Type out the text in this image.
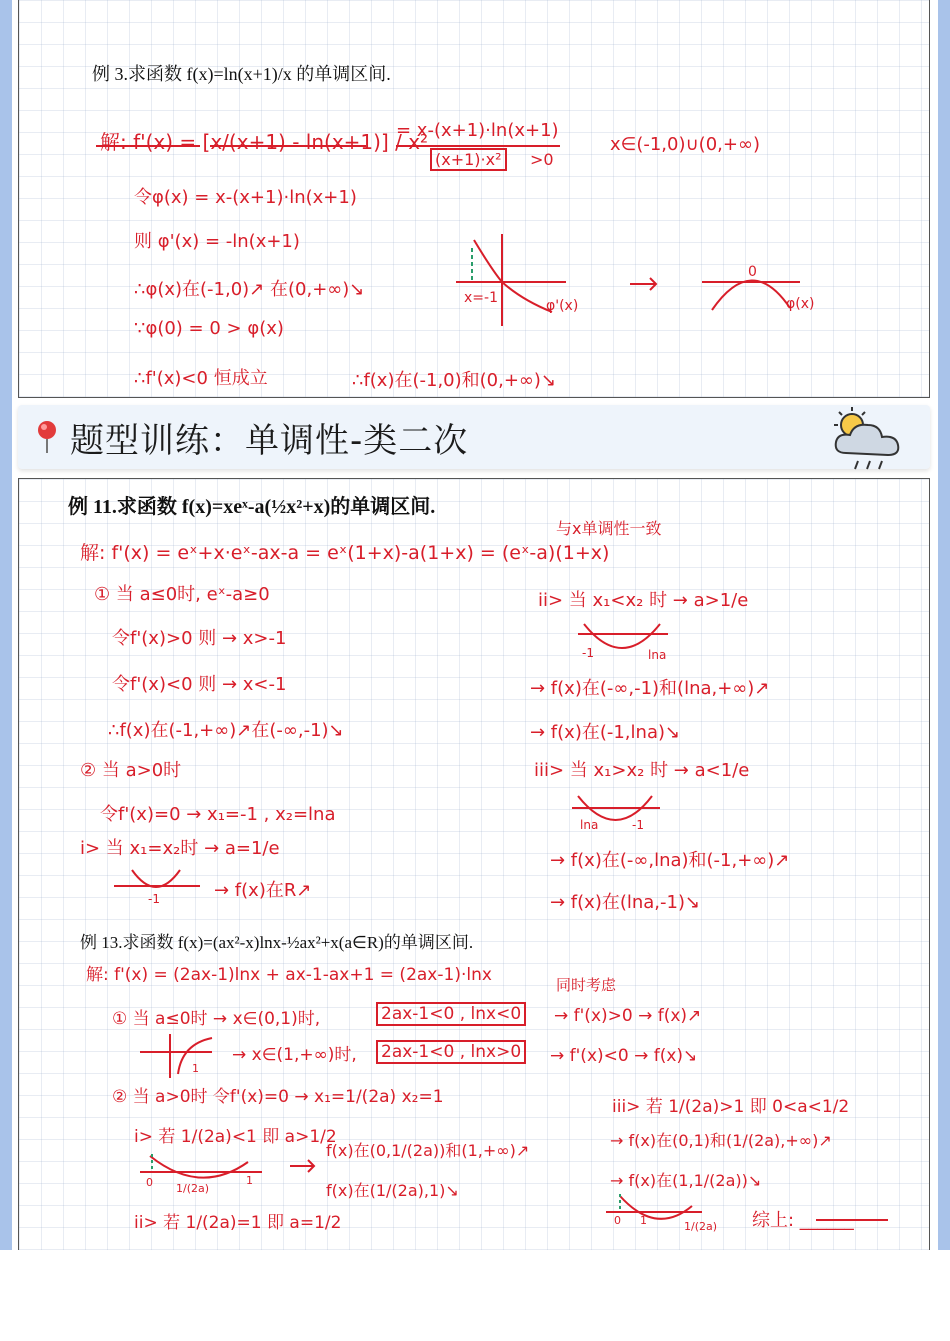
例 3.求函数 f(x)=ln(x+1)/x 的单调区间.
解: f'(x) = [x/(x+1) - ln(x+1)] / x²
= x-(x+1)·ln(x+1)
(x+1)·x²	>0
x∈(-1,0)∪(0,+∞)
令φ(x) = x-(x+1)·ln(x+1)
则 φ'(x) = -ln(x+1)
∴φ(x)在(-1,0)↗ 在(0,+∞)↘	x=-1	φ'(x)
0
φ(x)
∵φ(0) = 0 > φ(x)
∴f'(x)<0 恒成立	∴f(x)在(-1,0)和(0,+∞)↘
题型训练：单调性-类二次
例 11.求函数 f(x)=xeˣ-a(½x²+x)的单调区间.
与x单调性一致
解: f'(x) = eˣ+x·eˣ-ax-a = eˣ(1+x)-a(1+x) = (eˣ-a)(1+x)
① 当 a≤0时, eˣ-a≥0
令f'(x)>0 则 → x>-1
令f'(x)<0 则 → x<-1
∴f(x)在(-1,+∞)↗在(-∞,-1)↘
② 当 a>0时
令f'(x)=0 → x₁=-1 , x₂=lna
i> 当 x₁=x₂时 → a=1/e
-1	→ f(x)在R↗
ii> 当 x₁<x₂ 时 → a>1/e
-1	lna
→ f(x)在(-∞,-1)和(lna,+∞)↗
→ f(x)在(-1,lna)↘
iii> 当 x₁>x₂ 时 → a<1/e
lna	-1
→ f(x)在(-∞,lna)和(-1,+∞)↗
→ f(x)在(lna,-1)↘
例 13.求函数 f(x)=(ax²-x)lnx-½ax²+x(a∈R)的单调区间.
同时考虑
解: f'(x) = (2ax-1)lnx + ax-1-ax+1 = (2ax-1)·lnx
① 当 a≤0时 → x∈(0,1)时,	2ax-1<0 , lnx<0 → f'(x)>0 → f(x)↗
→ x∈(1,+∞)时, 2ax-1<0 , lnx>0 → f'(x)<0 → f(x)↘
1
② 当 a>0时 令f'(x)=0 → x₁=1/(2a) x₂=1
i> 若 1/(2a)<1 即 a>1/2
f(x)在(0,1/(2a))和(1,+∞)↗
f(x)在(1/(2a),1)↘
0 1/(2a)
1
ii> 若 1/(2a)=1 即 a=1/2
iii> 若 1/(2a)>1 即 0<a<1/2
→ f(x)在(0,1)和(1/(2a),+∞)↗
→ f(x)在(1,1/(2a))↘
0 1	1/(2a) 综上: ______
